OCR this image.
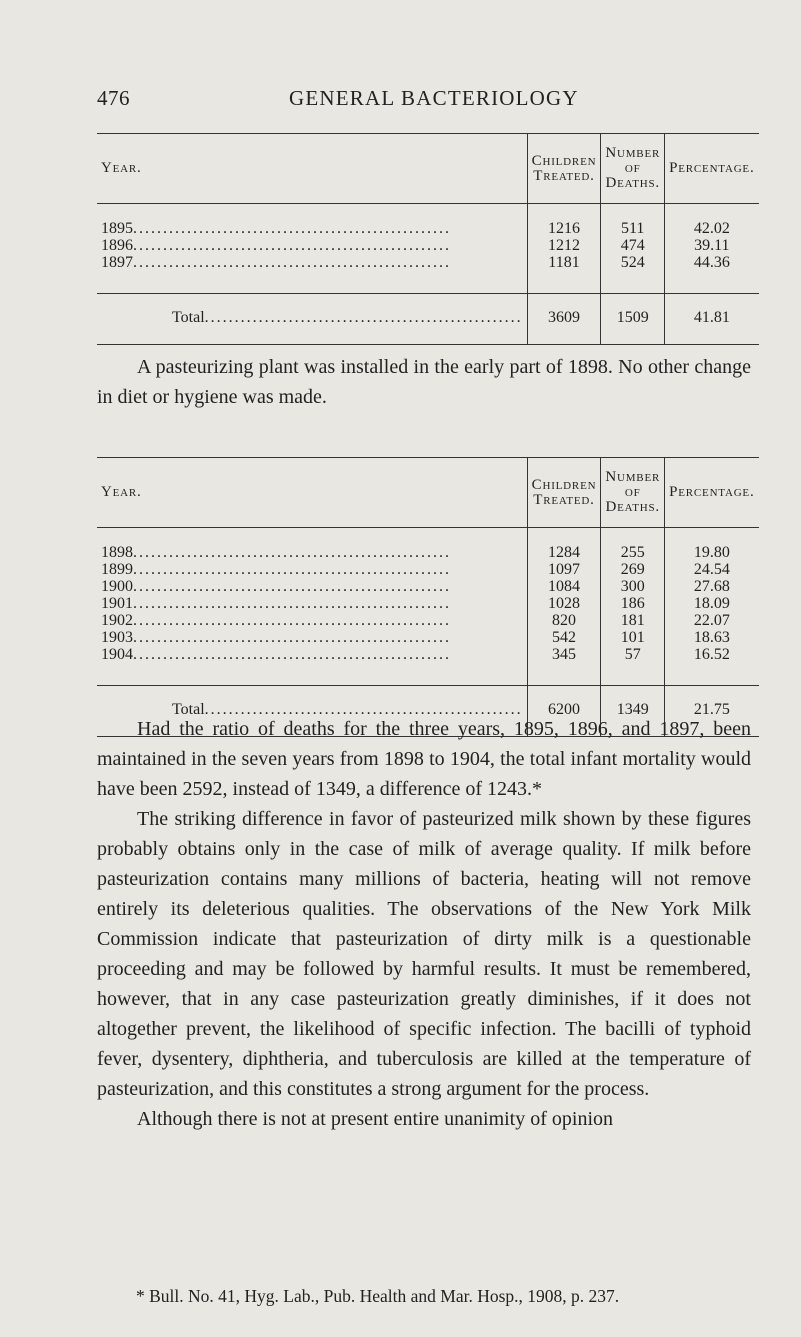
476	GENERAL BACTERIOLOGY
Year.	Children Treated.	Number of Deaths.	Percentage.

1895 .....................................................	1216	511	42.02

1896 .....................................................	1212	474	39.11

1897 .....................................................	1181	524	44.36

Total .....................................................	3609	1509	41.81

A pasteurizing plant was installed in the early part of 1898. No other change in diet or hygiene was made.

Year.	Children Treated.	Number of Deaths.	Percentage.

1898 .....................................................	1284	255	19.80

1899 .....................................................	1097	269	24.54

1900 .....................................................	1084	300	27.68

1901 .....................................................	1028	186	18.09

1902 .....................................................	820	181	22.07

1903 .....................................................	542	101	18.63

1904 .....................................................	345	57	16.52

Total .....................................................	6200	1349	21.75

Had the ratio of deaths for the three years, 1895, 1896, and 1897, been maintained in the seven years from 1898 to 1904, the total infant mortality would have been 2592, instead of 1349, a difference of 1243.*

The striking difference in favor of pasteurized milk shown by these figures probably obtains only in the case of milk of average quality. If milk before pasteurization contains many millions of bacteria, heating will not remove entirely its deleterious qualities. The observations of the New York Milk Commission indicate that pasteurization of dirty milk is a questionable proceeding and may be followed by harmful results. It must be remembered, however, that in any case pasteurization greatly diminishes, if it does not altogether prevent, the likelihood of specific infection. The bacilli of typhoid fever, dysentery, diphtheria, and tuberculosis are killed at the temperature of pasteurization, and this constitutes a strong argument for the process.

Although there is not at present entire unanimity of opinion

* Bull. No. 41, Hyg. Lab., Pub. Health and Mar. Hosp., 1908, p. 237.
